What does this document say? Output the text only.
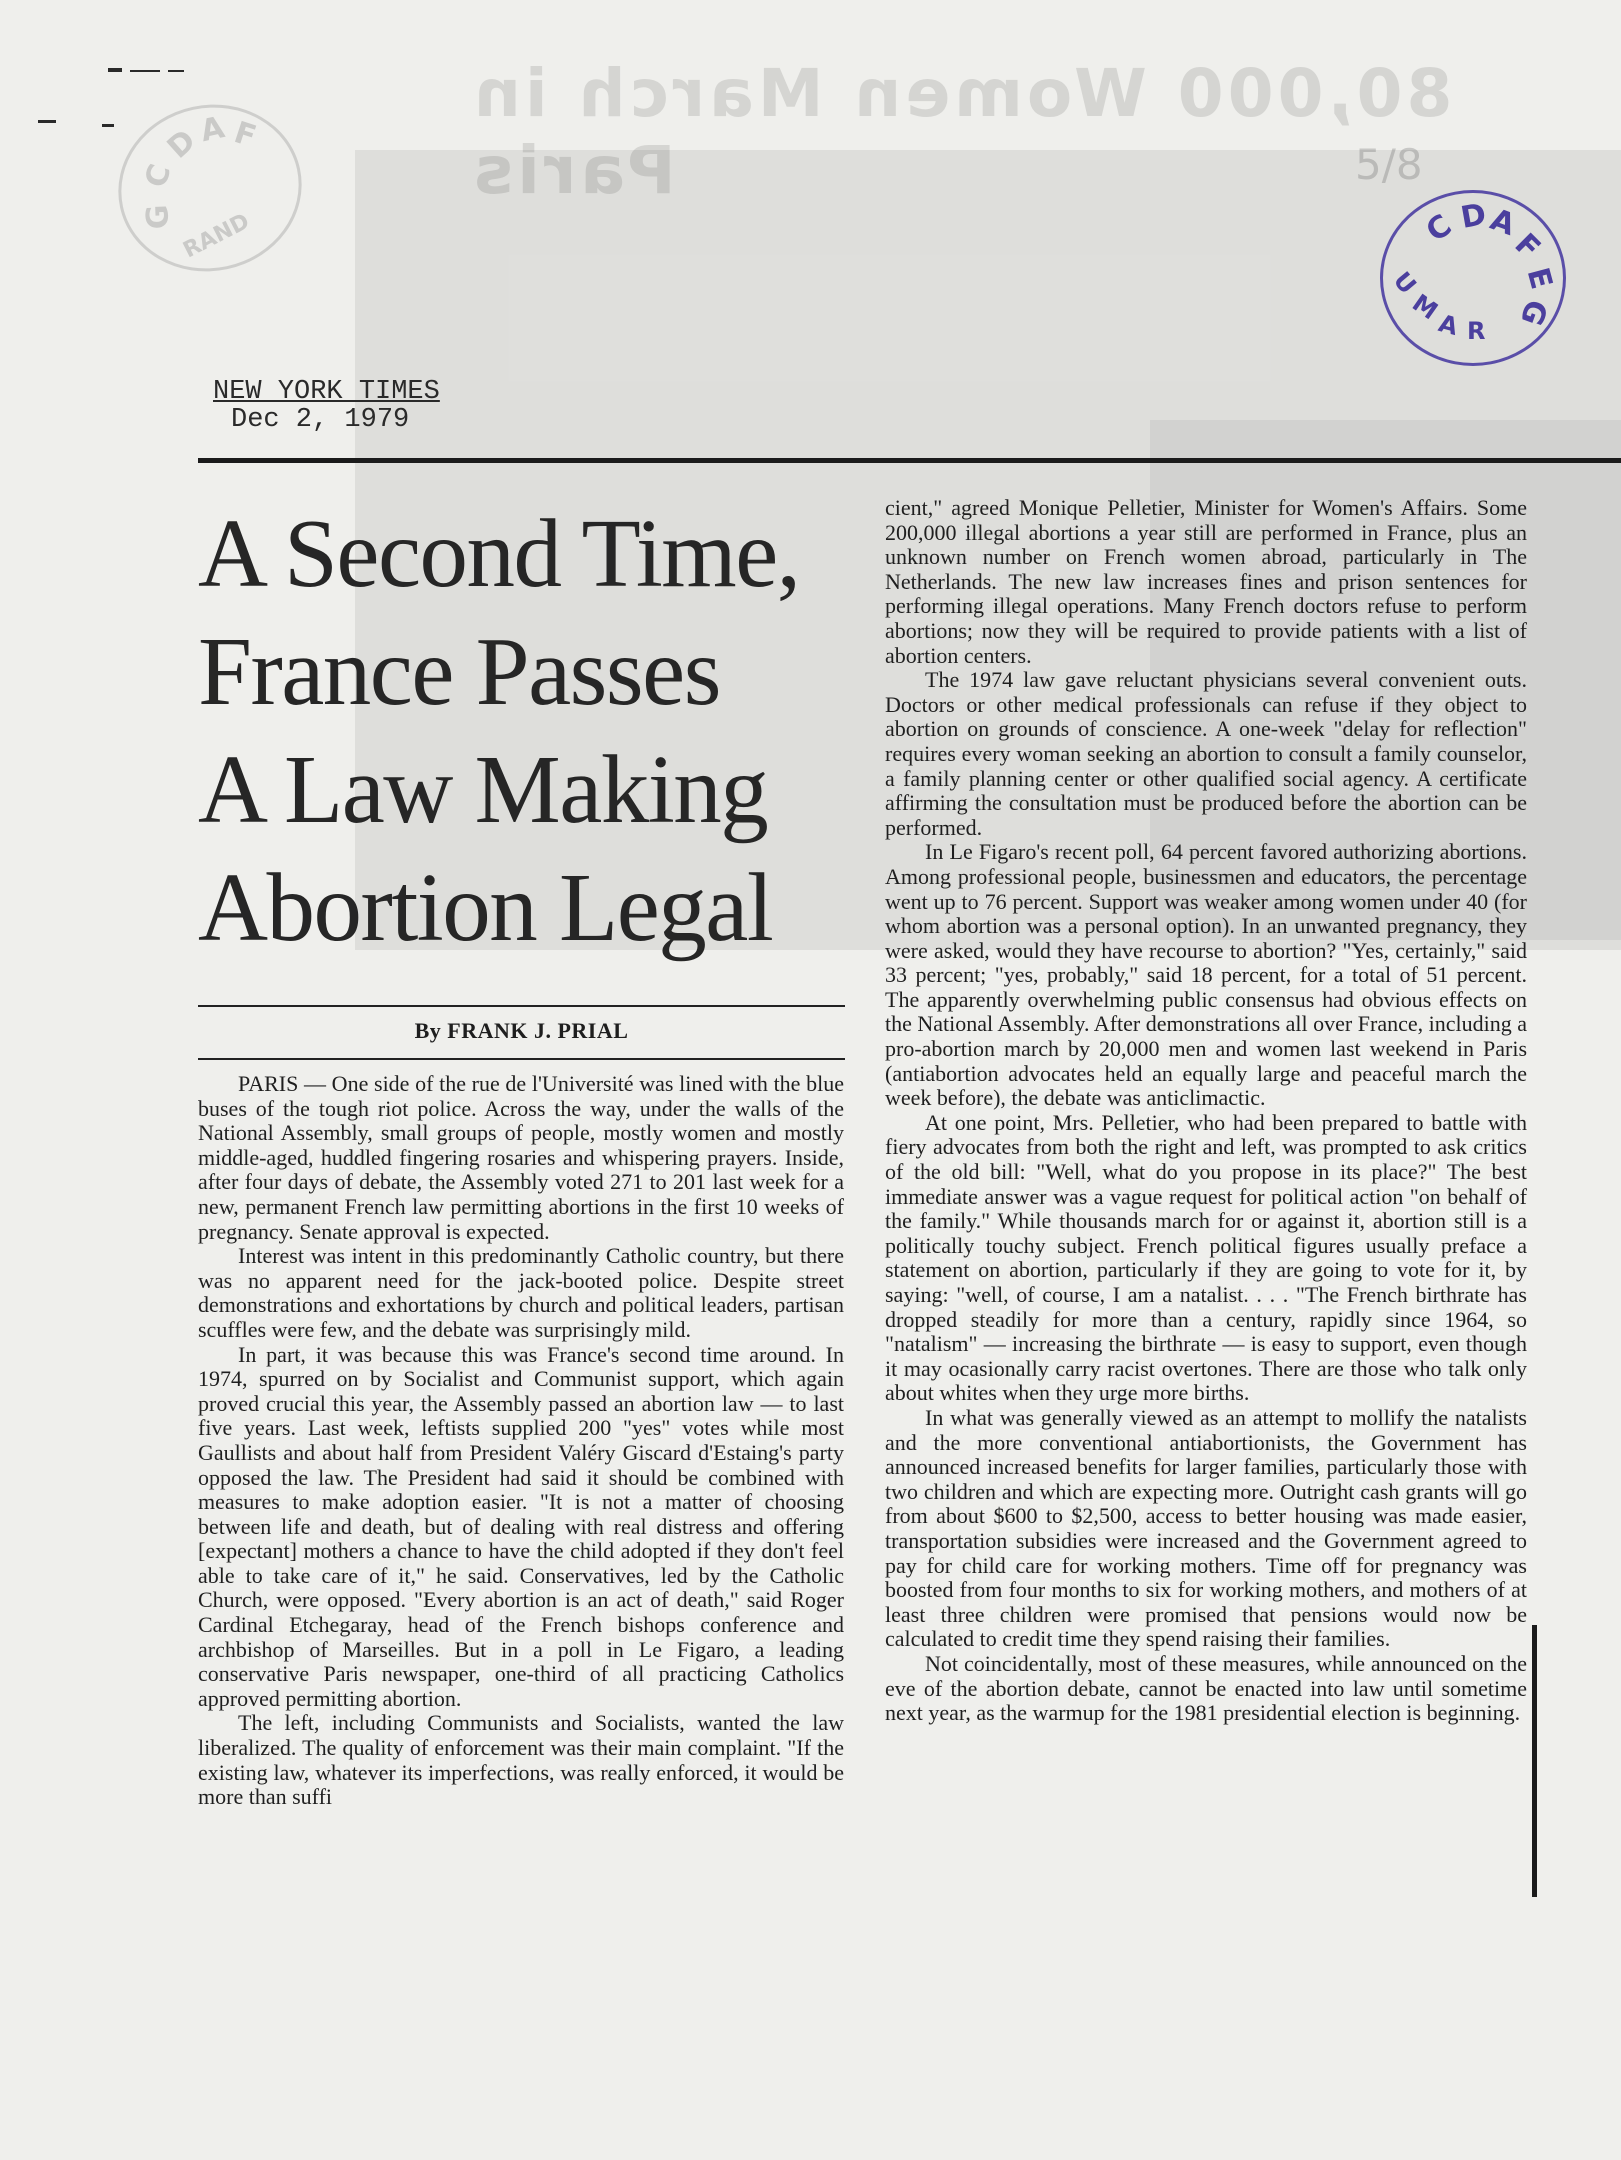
80,000 Women March in Paris
C
D
A F
G RAND
5/8
C D
A
F
E
G
U
M
A R
NEW YORK TIMES
Dec 2, 1979
A Second Time,
France Passes
A Law Making
Abortion Legal
By FRANK J. PRIAL

PARIS — One side of the rue de l'Université was lined with the blue buses of the tough riot police. Across the way, under the walls of the National Assembly, small groups of people, mostly women and mostly middle-aged, huddled fingering rosaries and whispering prayers. Inside, after four days of debate, the Assembly voted 271 to 201 last week for a new, permanent French law permitting abortions in the first 10 weeks of pregnancy. Senate approval is expected.

Interest was intent in this predominantly Catholic country, but there was no apparent need for the jack-booted police. Despite street demonstrations and exhortations by church and political leaders, partisan scuffles were few, and the debate was surprisingly mild.

In part, it was because this was France's second time around. In 1974, spurred on by Socialist and Communist support, which again proved crucial this year, the Assembly passed an abortion law — to last five years. Last week, leftists supplied 200 "yes" votes while most Gaullists and about half from President Valéry Giscard d'Estaing's party opposed the law. The President had said it should be combined with measures to make adoption easier. "It is not a matter of choosing between life and death, but of dealing with real distress and offering [expectant] mothers a chance to have the child adopted if they don't feel able to take care of it," he said. Conservatives, led by the Catholic Church, were opposed. "Every abortion is an act of death," said Roger Cardinal Etchegaray, head of the French bishops conference and archbishop of Marseilles. But in a poll in Le Figaro, a leading conservative Paris newspaper, one-third of all practicing Catholics approved permitting abortion.

The left, including Communists and Socialists, wanted the law liberalized. The quality of enforcement was their main complaint. "If the existing law, whatever its imperfections, was really enforced, it would be more than suffi

cient," agreed Monique Pelletier, Minister for Women's Affairs. Some 200,000 illegal abortions a year still are performed in France, plus an unknown number on French women abroad, particularly in The Netherlands. The new law increases fines and prison sentences for performing illegal operations. Many French doctors refuse to perform abortions; now they will be required to provide patients with a list of abortion centers.

The 1974 law gave reluctant physicians several convenient outs. Doctors or other medical professionals can refuse if they object to abortion on grounds of conscience. A one-week "delay for reflection" requires every woman seeking an abortion to consult a family counselor, a family planning center or other qualified social agency. A certificate affirming the consultation must be produced before the abortion can be performed.

In Le Figaro's recent poll, 64 percent favored authorizing abortions. Among professional people, businessmen and educators, the percentage went up to 76 percent. Support was weaker among women under 40 (for whom abortion was a personal option). In an unwanted pregnancy, they were asked, would they have recourse to abortion? "Yes, certainly," said 33 percent; "yes, probably," said 18 percent, for a total of 51 percent. The apparently overwhelming public consensus had obvious effects on the National Assembly. After demonstrations all over France, including a pro-abortion march by 20,000 men and women last weekend in Paris (antiabortion advocates held an equally large and peaceful march the week before), the debate was anticlimactic.

At one point, Mrs. Pelletier, who had been prepared to battle with fiery advocates from both the right and left, was prompted to ask critics of the old bill: "Well, what do you propose in its place?" The best immediate answer was a vague request for political action "on behalf of the family." While thousands march for or against it, abortion still is a politically touchy subject. French political figures usually preface a statement on abortion, particularly if they are going to vote for it, by saying: "well, of course, I am a natalist. . . . "The French birthrate has dropped steadily for more than a century, rapidly since 1964, so "natalism" — increasing the birthrate — is easy to support, even though it may ocasionally carry racist overtones. There are those who talk only about whites when they urge more births.

In what was generally viewed as an attempt to mollify the natalists and the more conventional antiabortionists, the Government has announced increased benefits for larger families, particularly those with two children and which are expecting more. Outright cash grants will go from about $600 to $2,500, access to better housing was made easier, transportation subsidies were increased and the Government agreed to pay for child care for working mothers. Time off for pregnancy was boosted from four months to six for working mothers, and mothers of at least three children were promised that pensions would now be calculated to credit time they spend raising their families.

Not coincidentally, most of these measures, while announced on the eve of the abortion debate, cannot be enacted into law until sometime next year, as the warmup for the 1981 presidential election is beginning.
